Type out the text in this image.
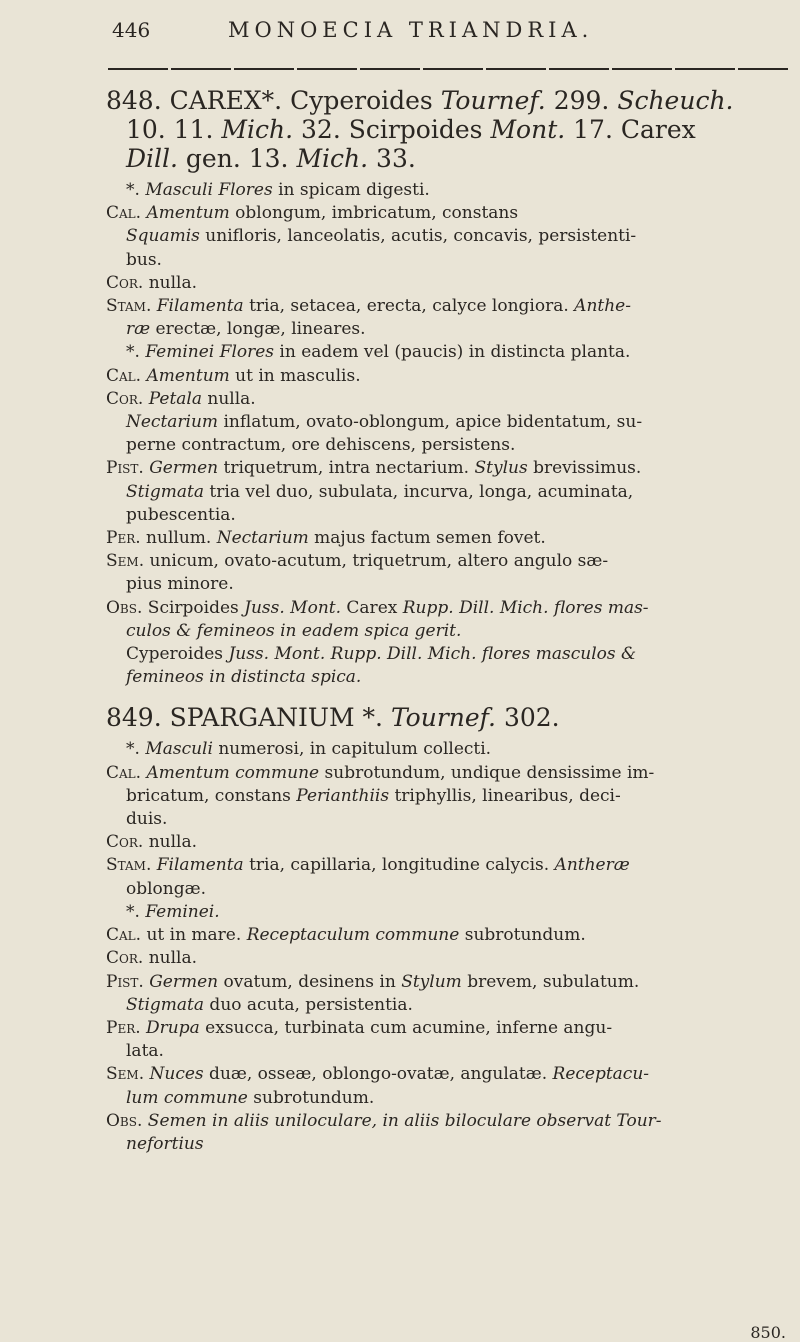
446	MONOECIA TRIANDRIA.
848. CAREX*. Cyperoides Tournef. 299. Scheuch.
10. 11. Mich. 32. Scirpoides Mont. 17. Carex
Dill. gen. 13. Mich. 33.
*. Masculi Flores in spicam digesti.
Cal. Amentum oblongum, imbricatum, constans
Squamis unifloris, lanceolatis, acutis, concavis, persistenti-
bus.
Cor. nulla.
Stam. Filamenta tria, setacea, erecta, calyce longiora. Anthe-
ræ erectæ, longæ, lineares.
*. Feminei Flores in eadem vel (paucis) in distincta planta.
Cal. Amentum ut in masculis.
Cor. Petala nulla.
Nectarium inflatum, ovato-oblongum, apice bidentatum, su-
perne contractum, ore dehiscens, persistens.
Pist. Germen triquetrum, intra nectarium. Stylus brevissimus.
Stigmata tria vel duo, subulata, incurva, longa, acuminata,
pubescentia.
Per. nullum. Nectarium majus factum semen fovet.
Sem. unicum, ovato-acutum, triquetrum, altero angulo sæ-
pius minore.
Obs. Scirpoides Juss. Mont. Carex Rupp. Dill. Mich. flores mas-
culos & femineos in eadem spica gerit.
Cyperoides Juss. Mont. Rupp. Dill. Mich. flores masculos &
femineos in distincta spica.
849. SPARGANIUM *. Tournef. 302.
*. Masculi numerosi, in capitulum collecti.
Cal. Amentum commune subrotundum, undique densissime im-
bricatum, constans Perianthiis triphyllis, linearibus, deci-
duis.
Cor. nulla.
Stam. Filamenta tria, capillaria, longitudine calycis. Antheræ
oblongæ.
*. Feminei.
Cal. ut in mare. Receptaculum commune subrotundum.
Cor. nulla.
Pist. Germen ovatum, desinens in Stylum brevem, subulatum.
Stigmata duo acuta, persistentia.
Per. Drupa exsucca, turbinata cum acumine, inferne angu-
lata.
Sem. Nuces duæ, osseæ, oblongo-ovatæ, angulatæ. Receptacu-
lum commune subrotundum.
Obs. Semen in aliis uniloculare, in aliis biloculare observat Tour-
nefortius
850.
